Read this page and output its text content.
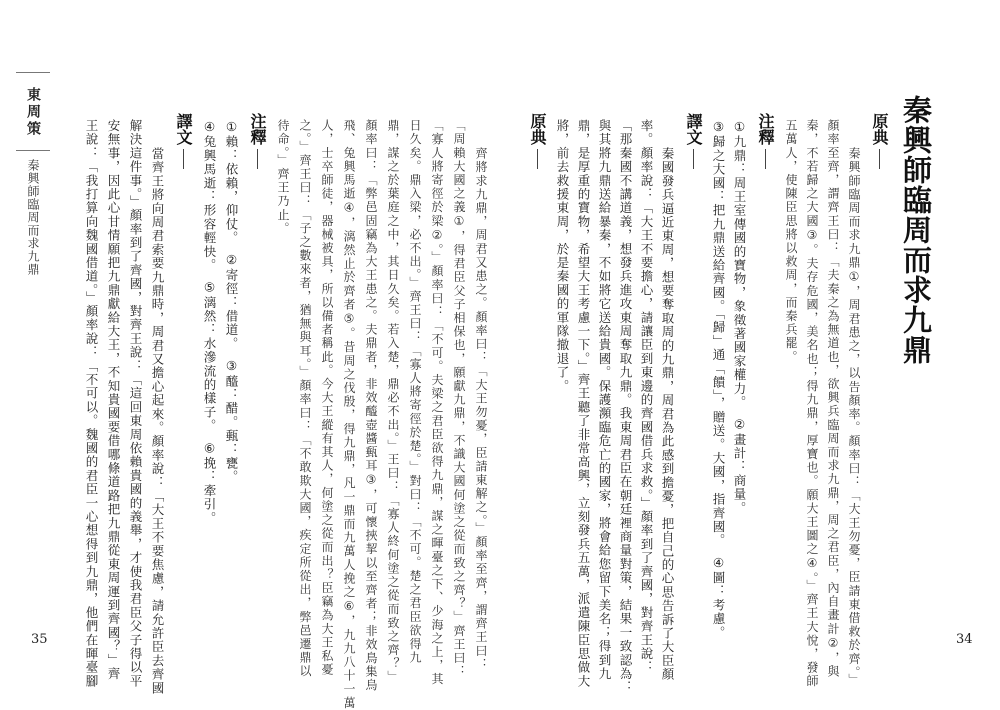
東周策
秦興師臨周而求九鼎	秦興師臨周而求九鼎
原典
秦興師臨周而求九鼎①，周君患之，以告顏率。顏率曰：「大王勿憂，臣請東借救於齊。」
顏率至齊，謂齊王曰：「夫秦之為無道也，欲興兵臨周而求九鼎，周之君臣，內自畫計②，與
秦，不若歸之大國③。夫存危國，美名也；得九鼎，厚寶也。願大王圖之④。」齊王大悅，發師
五萬人，使陳臣思將以救周，而秦兵罷。
注釋
①九鼎：周王室傳國的寶物，象徵著國家權力。　②畫計：商量。
③歸之大國：把九鼎送給齊國。「歸」通「饋」，贈送。大國，指齊國。　④圖：考慮。
譯文
秦國發兵逼近東周，想要奪取周的九鼎，周君為此感到擔憂，把自己的心思告訴了大臣顏
率。顏率說：「大王不要擔心，請讓臣到東邊的齊國借兵求救。」顏率到了齊國，對齊王說：
「那秦國不講道義，想發兵進攻東周奪取九鼎。我東周君臣在朝廷裡商量對策，結果一致認為：
與其將九鼎送給暴秦，不如將它送給貴國。保護瀕臨危亡的國家，將會給您留下美名；得到九
鼎，是厚重的寶物，希望大王考慮一下。」齊王聽了非常高興，立刻發兵五萬，派遣陳臣思做大
將，前去救援東周，於是秦國的軍隊撤退了。
原典
齊將求九鼎，周君又患之。顏率曰：「大王勿憂，臣請東解之。」顏率至齊，謂齊王曰：
「周賴大國之義①，得君臣父子相保也，願獻九鼎，不識大國何塗之從而致之齊？」齊王曰：
「寡人將寄徑於梁②。」顏率曰：「不可。夫梁之君臣欲得九鼎，謀之暉臺之下、少海之上，其
日久矣。鼎入梁，必不出。」齊王曰：「寡人將寄徑於楚。」對曰：「不可。楚之君臣欲得九
鼎，謀之於葉庭之中，其日久矣。若入楚，鼎必不出。」王曰：「寡人終何塗之從而致之齊？」
顏率曰：「弊邑固竊為大王患之。夫鼎者，非效醯壺醬甀耳③，可懷挾挈以至齊者；非效鳥集烏
飛、兔興馬逝④，漓然止於齊者⑤。昔周之伐殷，得九鼎，凡一鼎而九萬人挽之⑥，九九八十一萬
人，士卒師徒，器械被具，所以備者稱此。今大王縱有其人，何塗之從而出？臣竊為大王私憂
之。」齊王曰：「子之數來者，猶無與耳。」顏率曰：「不敢欺大國，疾定所從出，弊邑遷鼎以
待命。」齊王乃止。
注釋
①賴：依賴，仰仗。　②寄徑：借道。　③醯：醋。甀：甕。
④兔興馬逝：形容輕快。　⑤漓然：水滲流的樣子。　⑥挽：牽引。
譯文
當齊王將向周君索要九鼎時，周君又擔心起來。顏率說：「大王不要焦慮，請允許臣去齊國
解決這件事。」顏率到了齊國，對齊王說：「這回東周依賴貴國的義舉，才使我君臣父子得以平
安無事，因此心甘情願把九鼎獻給大王，不知貴國要借哪條道路把九鼎從東周運到齊國？」齊
王說：「我打算向魏國借道。」顏率說：「不可以。魏國的君臣一心想得到九鼎，他們在暉臺腳
35	34
